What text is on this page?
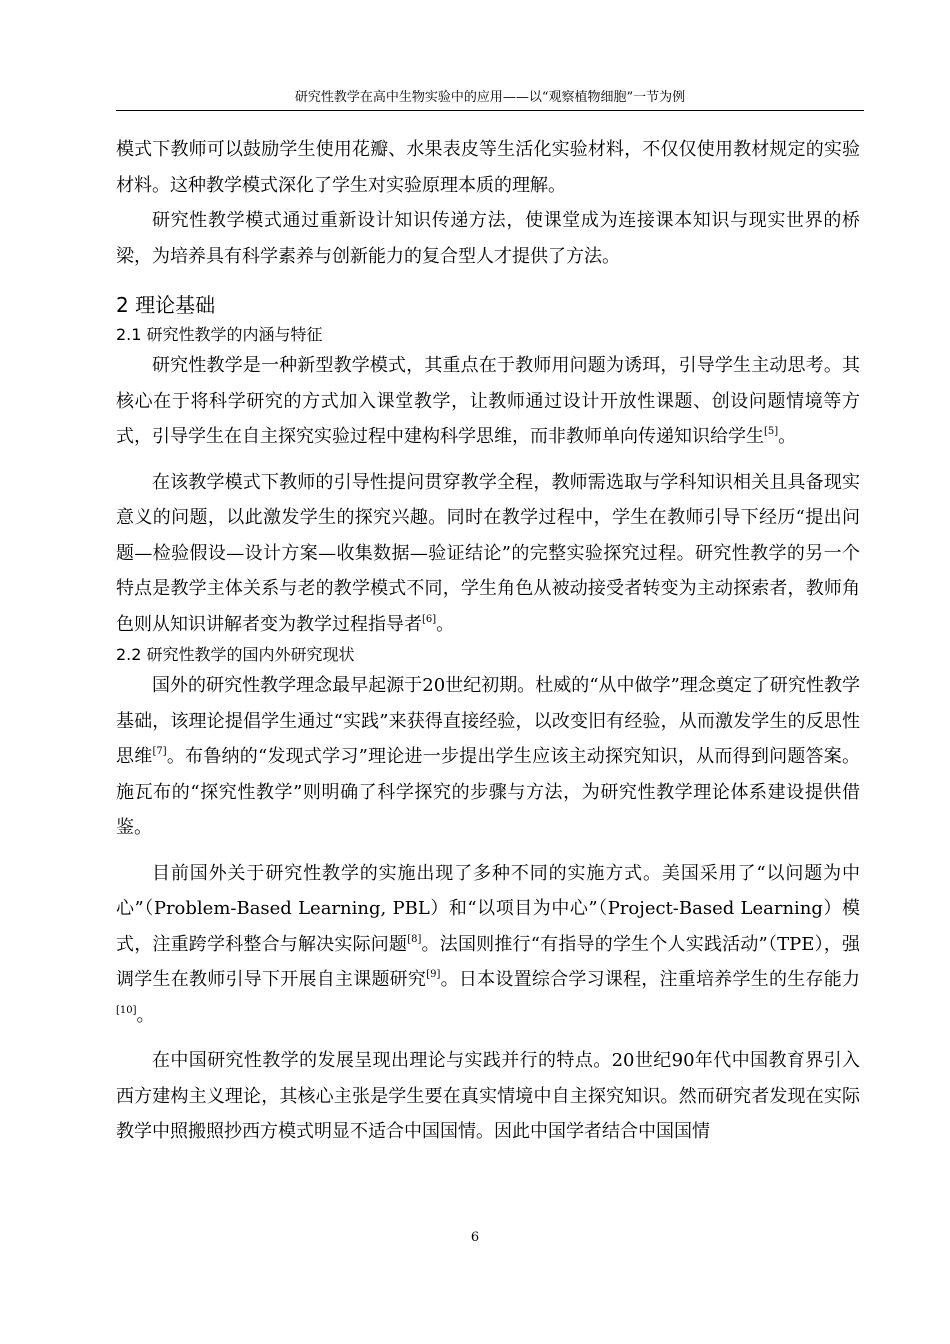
研究性教学在高中生物实验中的应用——以“观察植物细胞”一节为例

模式下教师可以鼓励学生使用花瓣、水果表皮等生活化实验材料，不仅仅使用教材规定的实验材料。这种教学模式深化了学生对实验原理本质的理解。

研究性教学模式通过重新设计知识传递方法，使课堂成为连接课本知识与现实世界的桥梁，为培养具有科学素养与创新能力的复合型人才提供了方法。

2 理论基础
2.1 研究性教学的内涵与特征

研究性教学是一种新型教学模式，其重点在于教师用问题为诱珥，引导学生主动思考。其核心在于将科学研究的方式加入课堂教学，让教师通过设计开放性课题、创设问题情境等方式，引导学生在自主探究实验过程中建构科学思维，而非教师单向传递知识给学生[5]。

在该教学模式下教师的引导性提问贯穿教学全程，教师需选取与学科知识相关且具备现实意义的问题，以此激发学生的探究兴趣。同时在教学过程中，学生在教师引导下经历“提出问题—检验假设—设计方案—收集数据—验证结论”的完整实验探究过程。研究性教学的另一个特点是教学主体关系与老的教学模式不同，学生角色从被动接受者转变为主动探索者，教师角色则从知识讲解者变为教学过程指导者[6]。

2.2 研究性教学的国内外研究现状

国外的研究性教学理念最早起源于20世纪初期。杜威的“从中做学”理念奠定了研究性教学基础，该理论提倡学生通过“实践”来获得直接经验，以改变旧有经验，从而激发学生的反思性思维[7]。布鲁纳的“发现式学习”理论进一步提出学生应该主动探究知识，从而得到问题答案。施瓦布的“探究性教学”则明确了科学探究的步骤与方法，为研究性教学理论体系建设提供借鉴。

目前国外关于研究性教学的实施出现了多种不同的实施方式。美国采用了“以问题为中心”（Problem-Based Learning, PBL）和“以项目为中心”（Project-Based Learning）模式，注重跨学科整合与解决实际问题[8]。法国则推行“有指导的学生个人实践活动”（TPE），强调学生在教师引导下开展自主课题研究[9]。日本设置综合学习课程，注重培养学生的生存能力[10]。

在中国研究性教学的发展呈现出理论与实践并行的特点。20世纪90年代中国教育界引入西方建构主义理论，其核心主张是学生要在真实情境中自主探究知识。然而研究者发现在实际教学中照搬照抄西方模式明显不适合中国国情。因此中国学者结合中国国情

6
